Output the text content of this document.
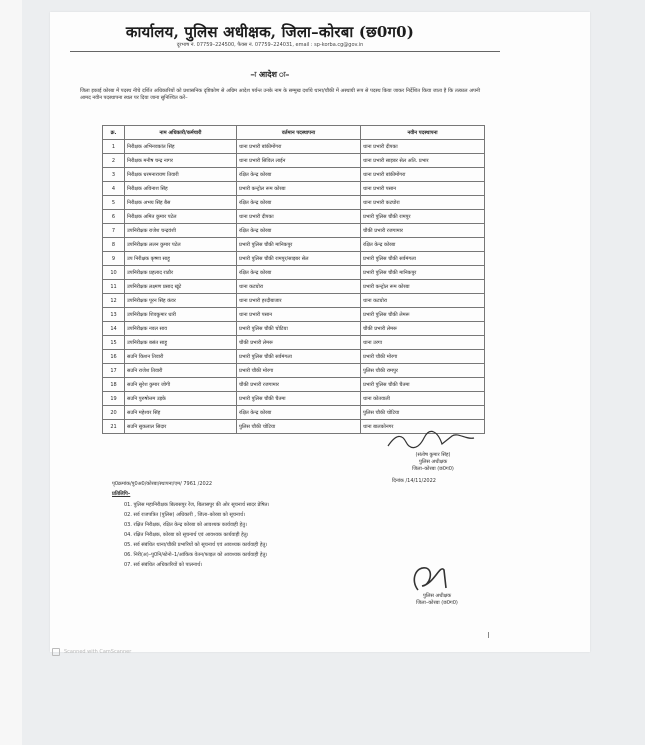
कार्यालय, पुलिस अधीक्षक, जिला–कोरबा (छ0ग0)
दूरभाष नं. 07759–224500, फैक्स नं. 07759–224031, email : sp-korba.cg@gov.in
–ः आदेश ः–
जिला इकाई कोरबा में पदस्थ नीचे दर्शित अधिकारियों को प्रशासनिक दृष्टिकोण से अग्रिम आदेश पर्यन्त उनके नाम के सम्मुख दर्शाये थाना/चौकी में अस्थायी रूप से पदस्थ किया जाकर निर्देशित किया जाता है कि तत्काल अपनी आमद नवीन पदस्थापना स्थल पर दिया जाना सुनिश्चित करें–
क्र.	नाम अधिकारी/कर्मचारी	वर्तमान पदस्थापना	नवीन पदस्थापना
1	निरीक्षक अभिनवकांत सिंह	थाना प्रभारी बांकीमोंगरा	थाना प्रभारी दीपका
2	निरीक्षक मनीष चन्द्र नागर	थाना प्रभारी सिविल लाईन	थाना प्रभारी साइबर सेल अति. प्रभार
3	निरीक्षक धरमनारायण तिवारी	रक्षित केन्द्र कोरबा	थाना प्रभारी बांकीमोंगरा
4	निरीक्षक अविनाश सिंह	प्रभारी कन्ट्रोल रूम कोरबा	थाना प्रभारी पसान
5	निरीक्षक अभय सिंह बैस	रक्षित केन्द्र कोरबा	थाना प्रभारी कटघोरा
6	निरीक्षक अमित कुमार पटेल	थाना प्रभारी दीपका	प्रभारी पुलिस चौकी रामपुर
7	उपनिरीक्षक राजेश चन्द्रवंशी	रक्षित केन्द्र कोरबा	चौकी प्रभारी रजगामार
8	उपनिरीक्षक ललन कुमार पटेल	प्रभारी पुलिस चौकी मानिकपुर	रक्षित केन्द्र कोरबा
9	उप निरीक्षक कृष्णा साहू	प्रभारी पुलिस चौकी रामपुर/साइबर सेल	प्रभारी पुलिस चौकी सर्वमंगला
10	उपनिरीक्षक प्रहलाद राठौर	रक्षित केन्द्र कोरबा	प्रभारी पुलिस चौकी मानिकपुर
11	उपनिरीक्षक लक्ष्मण प्रसाद खूंटे	थाना कटघोरा	प्रभारी कन्ट्रोल रूम कोरबा
12	उपनिरीक्षक पूरन सिंह कंवर	थाना प्रभारी हरदीबाजार	थाना कटघोरा
13	उपनिरीक्षक शिवकुमार धारी	थाना प्रभारी पसान	प्रभारी पुलिस चौकी लेमरू
14	उपनिरीक्षक नवल साव	प्रभारी पुलिस चौकी चोटिया	चौकी प्रभारी लेमरू
15	उपनिरीक्षक बसंत साहू	चौकी प्रभारी लेमरू	थाना उरगा
16	सउनि किशन तिवारी	प्रभारी पुलिस चौकी सर्वमंगला	प्रभारी चौकी मोरगा
17	सउनि राजेश तिवारी	प्रभारी चौकी मोरगा	पुलिस चौकी रामपुर
18	सउनि सुरेश कुमार जोगी	चौकी प्रभारी रजगामार	प्रभारी पुलिस चौकी चैतमा
19	सउनि पुरुषोत्तम उइके	प्रभारी पुलिस चौकी चैतमा	थाना कोतवाली
20	सउनि महेश्वर सिंह	रक्षित केन्द्र कोरबा	पुलिस चौकी चोटिया
21	सउनि सुकलाल सिदार	पुलिस चौकी चोटिया	थाना बालकोनगर
(संतोष कुमार सिंह)
पुलिस अधीक्षक
जिला–कोरबा (छ0ग0)
पृ0क्रमांक/पु0अ0/कोरबा/स्थापना/एम/ 7961 /2022	दिनांक /14/11/2022
प्रतिलिपि–
01. पुलिस महानिरीक्षक बिलासपुर रेंज, बिलासपुर की ओर सूचनार्थ सादर प्रेषित।
02. सर्व राजपत्रित (पुलिस) अधिकारी , जिला–कोरबा को सूचनार्थ।
03. रक्षित निरीक्षक, रक्षित केन्द्र कोरबा को आवश्यक कार्यवाही हेतु।
04. रक्षित निरीक्षक, कोरबा को सूचनार्थ एवं आवश्यक कार्यवाही हेतु।
05. सर्व संबंधित थाना/चौकी प्रभारियों को सूचनार्थ एवं आवश्यक कार्यवाही हेतु।
06. निरी(अ)–पु0नि/स्टेनो–1/आंकिक वेतन/फाइल को आवश्यक कार्यवाही हेतु।
07. सर्व संबंधित अधिकारियों को पालनार्थ।
पुलिस अधीक्षक
जिला–कोरबा (छ0ग0)
Scanned with CamScanner
